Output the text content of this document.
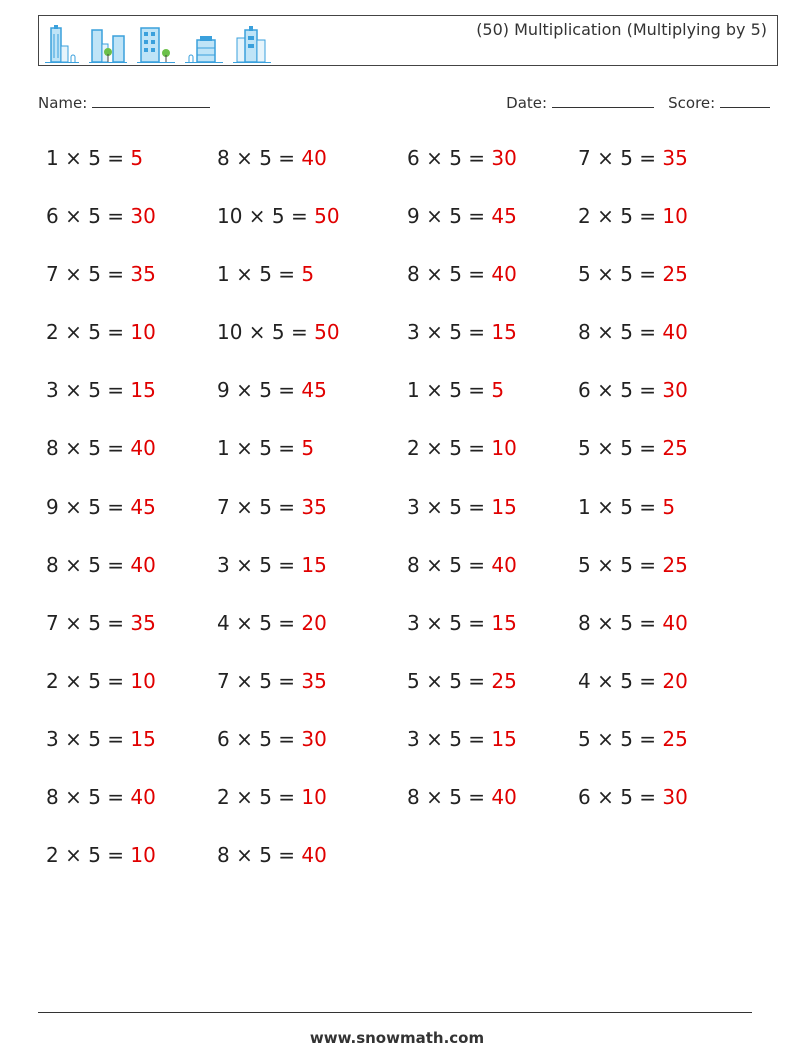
(50) Multiplication (Multiplying by 5)
Name:	Date:	Score:
1 × 5 = 5	8 × 5 = 40	6 × 5 = 30	7 × 5 = 35
6 × 5 = 30	10 × 5 = 50	9 × 5 = 45	2 × 5 = 10
7 × 5 = 35	1 × 5 = 5	8 × 5 = 40	5 × 5 = 25
2 × 5 = 10	10 × 5 = 50	3 × 5 = 15	8 × 5 = 40
3 × 5 = 15	9 × 5 = 45	1 × 5 = 5	6 × 5 = 30
8 × 5 = 40	1 × 5 = 5	2 × 5 = 10	5 × 5 = 25
9 × 5 = 45	7 × 5 = 35	3 × 5 = 15	1 × 5 = 5
8 × 5 = 40	3 × 5 = 15	8 × 5 = 40	5 × 5 = 25
7 × 5 = 35	4 × 5 = 20	3 × 5 = 15	8 × 5 = 40
2 × 5 = 10	7 × 5 = 35	5 × 5 = 25	4 × 5 = 20
3 × 5 = 15	6 × 5 = 30	3 × 5 = 15	5 × 5 = 25
8 × 5 = 40	2 × 5 = 10	8 × 5 = 40	6 × 5 = 30
2 × 5 = 10	8 × 5 = 40
www.snowmath.com
